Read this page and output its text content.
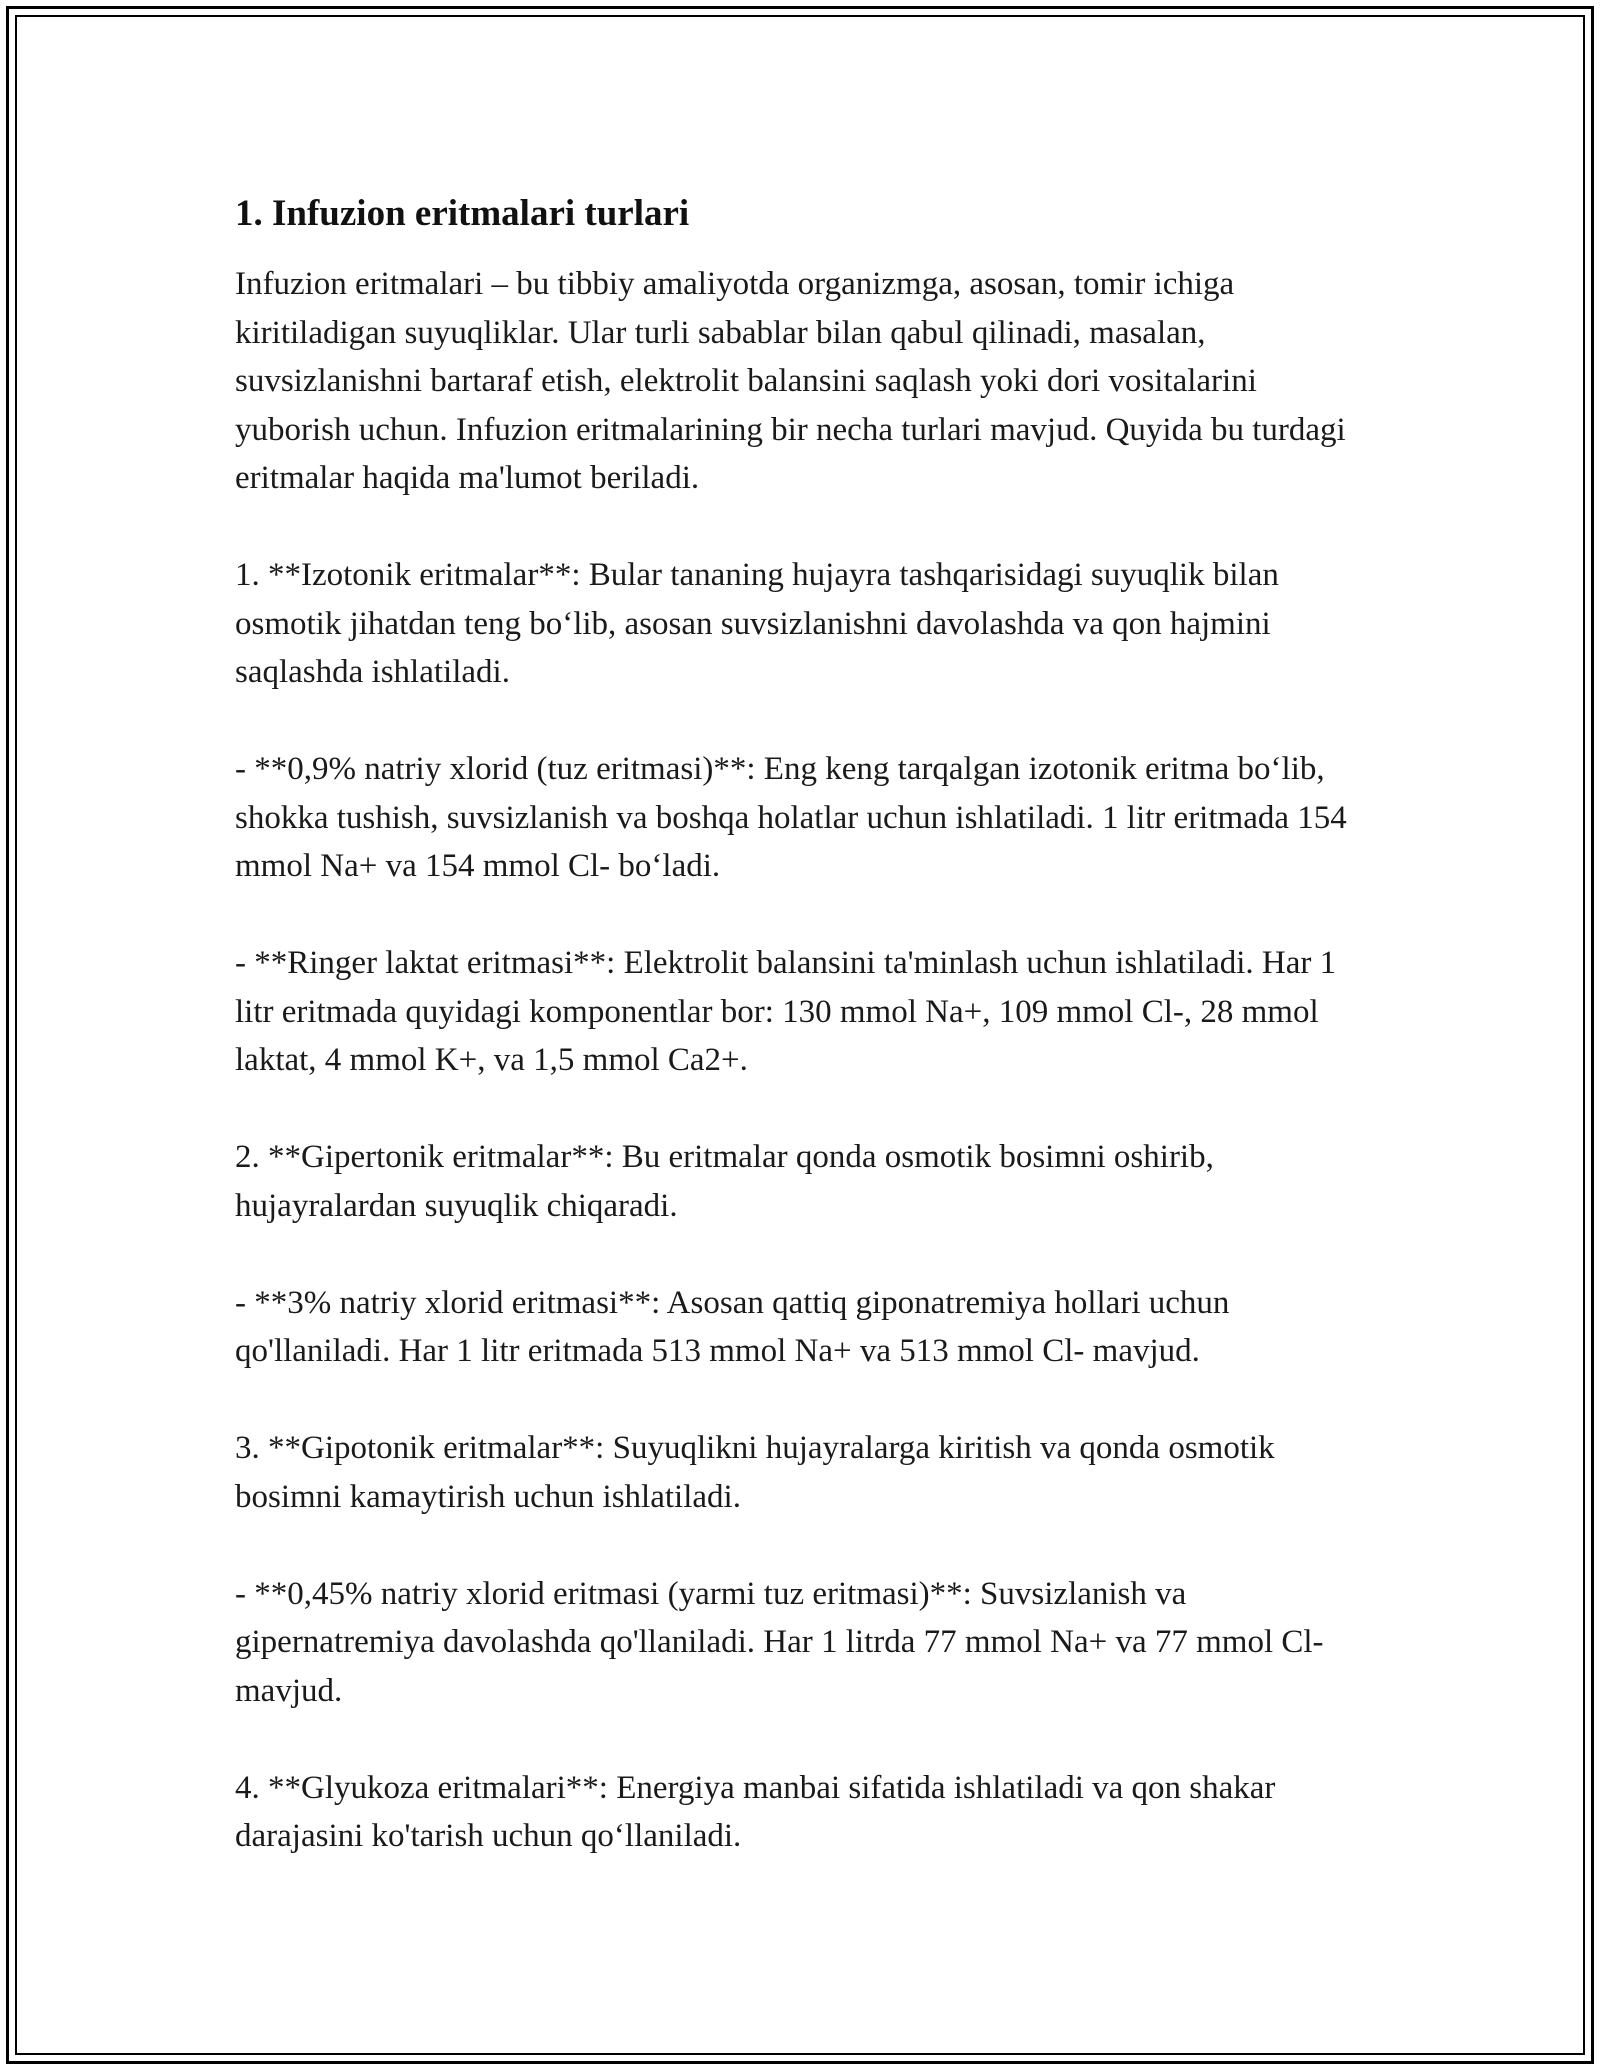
1. Infuzion eritmalari turlari

Infuzion eritmalari – bu tibbiy amaliyotda organizmga, asosan, tomir ichiga kiritiladigan suyuqliklar. Ular turli sabablar bilan qabul qilinadi, masalan, suvsizlanishni bartaraf etish, elektrolit balansini saqlash yoki dori vositalarini yuborish uchun. Infuzion eritmalarining bir necha turlari mavjud. Quyida bu turdagi eritmalar haqida ma'lumot beriladi.

1. **Izotonik eritmalar**: Bular tananing hujayra tashqarisidagi suyuqlik bilan osmotik jihatdan teng bo‘lib, asosan suvsizlanishni davolashda va qon hajmini saqlashda ishlatiladi.

- **0,9% natriy xlorid (tuz eritmasi)**: Eng keng tarqalgan izotonik eritma bo‘lib, shokka tushish, suvsizlanish va boshqa holatlar uchun ishlatiladi. 1 litr eritmada 154 mmol Na+ va 154 mmol Cl- bo‘ladi.

- **Ringer laktat eritmasi**: Elektrolit balansini ta'minlash uchun ishlatiladi. Har 1 litr eritmada quyidagi komponentlar bor: 130 mmol Na+, 109 mmol Cl-, 28 mmol laktat, 4 mmol K+, va 1,5 mmol Ca2+.

2. **Gipertonik eritmalar**: Bu eritmalar qonda osmotik bosimni oshirib, hujayralardan suyuqlik chiqaradi.

- **3% natriy xlorid eritmasi**: Asosan qattiq giponatremiya hollari uchun qo'llaniladi. Har 1 litr eritmada 513 mmol Na+ va 513 mmol Cl- mavjud.

3. **Gipotonik eritmalar**: Suyuqlikni hujayralarga kiritish va qonda osmotik bosimni kamaytirish uchun ishlatiladi.

- **0,45% natriy xlorid eritmasi (yarmi tuz eritmasi)**: Suvsizlanish va gipernatremiya davolashda qo'llaniladi. Har 1 litrda 77 mmol Na+ va 77 mmol Cl- mavjud.

4. **Glyukoza eritmalari**: Energiya manbai sifatida ishlatiladi va qon shakar darajasini ko'tarish uchun qo‘llaniladi.
